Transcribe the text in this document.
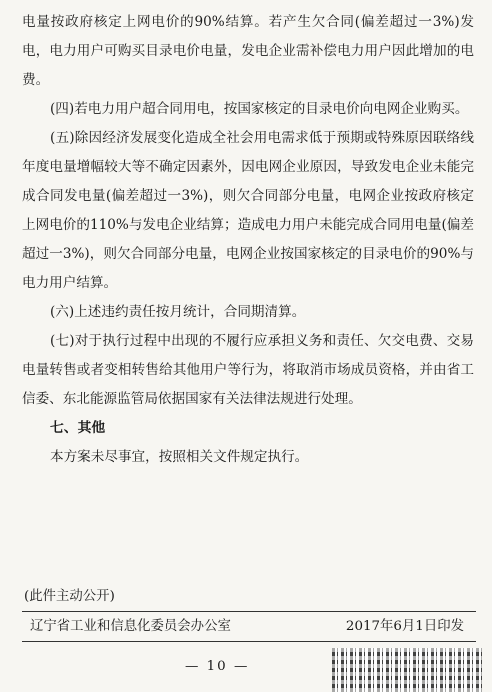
电量按政府核定上网电价的90%结算。若产生欠合同(偏差超过一3%)发电，电力用户可购买目录电价电量，发电企业需补偿电力用户因此增加的电费。

(四)若电力用户超合同用电，按国家核定的目录电价向电网企业购买。

(五)除因经济发展变化造成全社会用电需求低于预期或特殊原因联络线年度电量增幅较大等不确定因素外，因电网企业原因，导致发电企业未能完成合同发电量(偏差超过一3%)，则欠合同部分电量，电网企业按政府核定上网电价的110%与发电企业结算；造成电力用户未能完成合同用电量(偏差超过一3%)，则欠合同部分电量，电网企业按国家核定的目录电价的90%与电力用户结算。

(六)上述违约责任按月统计，合同期清算。

(七)对于执行过程中出现的不履行应承担义务和责任、欠交电费、交易电量转售或者变相转售给其他用户等行为，将取消市场成员资格，并由省工信委、东北能源监管局依据国家有关法律法规进行处理。

七、其他

本方案未尽事宜，按照相关文件规定执行。

(此件主动公开)
辽宁省工业和信息化委员会办公室	2017年6月1日印发
— 10 —
